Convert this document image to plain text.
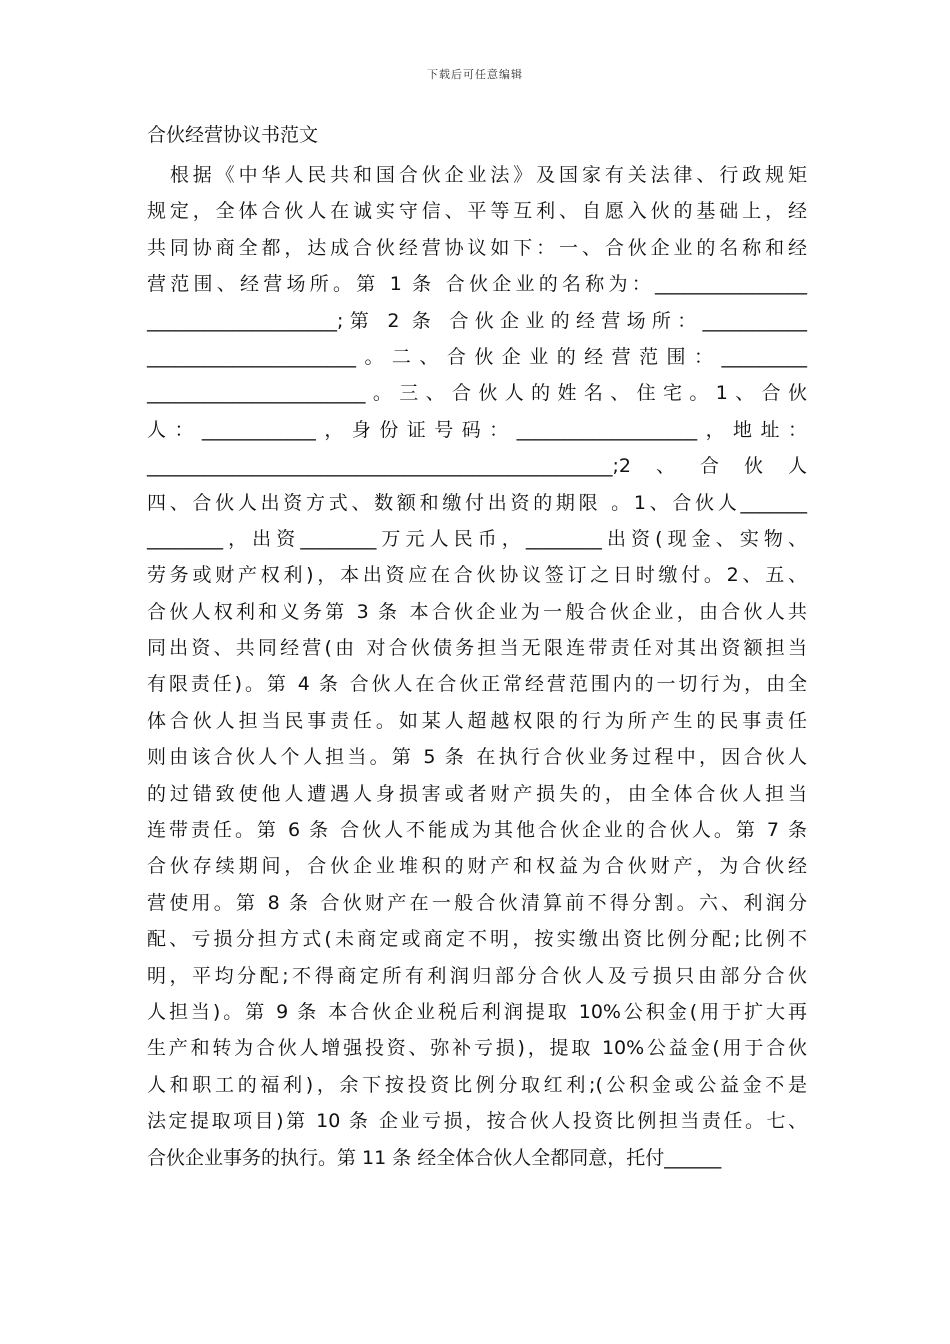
下载后可任意编辑
合伙经营协议书范文
　根据《中华人民共和国合伙企业法》及国家有关法律、行政规矩
规定，全体合伙人在诚实守信、平等互利、自愿入伙的基础上，经
共同协商全都，达成合伙经营协议如下：一、合伙企业的名称和经
营范围、经营场所。第 1 条 合伙企业的名称为：________________
____________________;第 2 条 合伙企业的经营场所：___________
______________________。二、合伙企业的经营范围：_________
_______________________。三、合伙人的姓名、住宅。1、合伙
人：____________，身份证号码：___________________，地址：
_________________________________________________;2、合伙人
四、合伙人出资方式、数额和缴付出资的期限 。1、合伙人_______
________，出资________万元人民币，________出资(现金、实物、
劳务或财产权利)，本出资应在合伙协议签订之日时缴付。2、五、
合伙人权利和义务第 3 条 本合伙企业为一般合伙企业，由合伙人共
同出资、共同经营(由 对合伙债务担当无限连带责任对其出资额担当
有限责任)。第 4 条 合伙人在合伙正常经营范围内的一切行为，由全
体合伙人担当民事责任。如某人超越权限的行为所产生的民事责任
则由该合伙人个人担当。第 5 条 在执行合伙业务过程中，因合伙人
的过错致使他人遭遇人身损害或者财产损失的，由全体合伙人担当
连带责任。第 6 条 合伙人不能成为其他合伙企业的合伙人。第 7 条
合伙存续期间，合伙企业堆积的财产和权益为合伙财产，为合伙经
营使用。第 8 条 合伙财产在一般合伙清算前不得分割。六、利润分
配、亏损分担方式(未商定或商定不明，按实缴出资比例分配;比例不
明，平均分配;不得商定所有利润归部分合伙人及亏损只由部分合伙
人担当)。第 9 条 本合伙企业税后利润提取 10%公积金(用于扩大再
生产和转为合伙人增强投资、弥补亏损)，提取 10%公益金(用于合伙
人和职工的福利)，余下按投资比例分取红利;(公积金或公益金不是
法定提取项目)第 10 条 企业亏损，按合伙人投资比例担当责任。七、
合伙企业事务的执行。第 11 条 经全体合伙人全都同意，托付______
